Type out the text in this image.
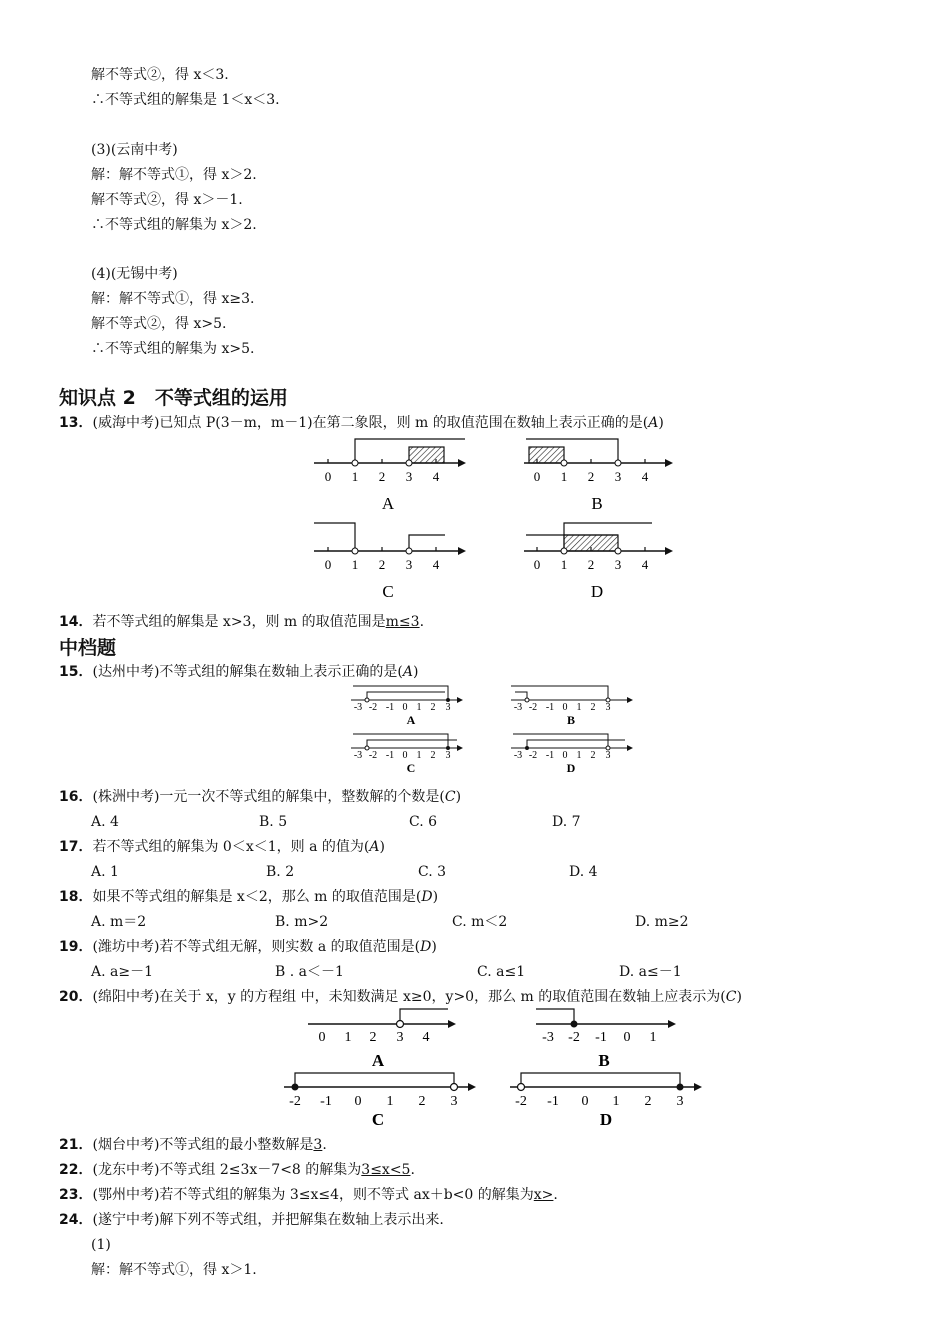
解不等式②，得 x＜3.
∴不等式组的解集是 1＜x＜3.
(3)(云南中考)
解：解不等式①，得 x＞2.
解不等式②，得 x＞－1.
∴不等式组的解集为 x＞2.
(4)(无锡中考)
解：解不等式①，得 x≥3.
解不等式②，得 x>5.
∴不等式组的解集为 x>5.
知识点 2　不等式组的运用
13．(威海中考)已知点 P(3－m，m－1)在第二象限，则 m 的取值范围在数轴上表示正确的是(A)
0 1 2 3 4
A
0 1 2 3 4
B
0 1 2 3 4
C
0 1 2 3 4
D
14．若不等式组的解集是 x>3，则 m 的取值范围是m≤3.
中档题
15．(达州中考)不等式组的解集在数轴上表示正确的是(A)
-3 -2 -1 0 1 2 3
A
-3 -2 -1 0 1 2 3
B
-3 -2 -1 0 1 2 3
C
-3 -2 -1 0 1 2 3
D
16．(株洲中考)一元一次不等式组的解集中，整数解的个数是(C)
A. 4	B. 5	C. 6	D. 7
17．若不等式组的解集为 0＜x＜1，则 a 的值为(A)
A. 1	B. 2	C. 3	D. 4
18．如果不等式组的解集是 x＜2，那么 m 的取值范围是(D)
A. m＝2	B. m>2	C. m＜2	D. m≥2
19．(潍坊中考)若不等式组无解，则实数 a 的取值范围是(D)
A. a≥－1	B . a＜－1	C. a≤1	D. a≤－1
20．(绵阳中考)在关于 x，y 的方程组 中，未知数满足 x≥0，y>0，那么 m 的取值范围在数轴上应表示为(C)
0 1 2 3 4
A
-3 -2 -1 0 1
B
-2 -1 0 1 2 3
C
-2 -1 0 1 2 3
D
21．(烟台中考)不等式组的最小整数解是3.
22．(龙东中考)不等式组 2≤3x－7<8 的解集为3≤x<5.
23．(鄂州中考)若不等式组的解集为 3≤x≤4，则不等式 ax＋b<0 的解集为x>.
24．(遂宁中考)解下列不等式组，并把解集在数轴上表示出来.
(1)
解：解不等式①，得 x＞1.
